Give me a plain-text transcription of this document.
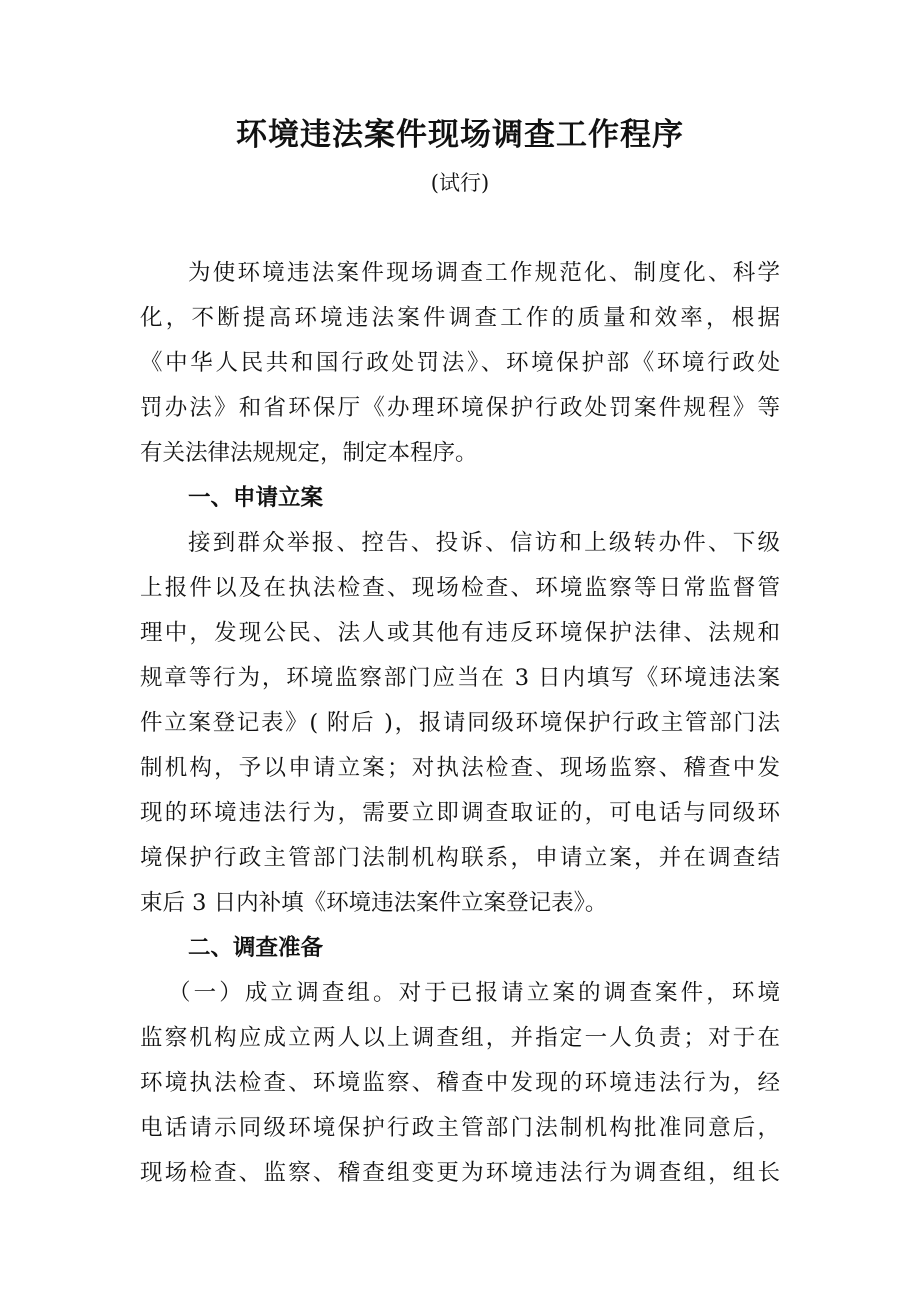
环境违法案件现场调查工作程序
(试行)
为使环境违法案件现场调查工作规范化、制度化、科学
化，不断提高环境违法案件调查工作的质量和效率，根据
《中华人民共和国行政处罚法》、环境保护部《环境行政处
罚办法》和省环保厅《办理环境保护行政处罚案件规程》等
有关法律法规规定，制定本程序。
一、申请立案
接到群众举报、控告、投诉、信访和上级转办件、下级
上报件以及在执法检查、现场检查、环境监察等日常监督管
理中，发现公民、法人或其他有违反环境保护法律、法规和
规章等行为，环境监察部门应当在 3 日内填写《环境违法案
件立案登记表》( 附后 )，报请同级环境保护行政主管部门法
制机构，予以申请立案；对执法检查、现场监察、稽查中发
现的环境违法行为，需要立即调查取证的，可电话与同级环
境保护行政主管部门法制机构联系，申请立案，并在调查结
束后 3 日内补填《环境违法案件立案登记表》。
二、调查准备
（一）成立调查组。对于已报请立案的调查案件，环境
监察机构应成立两人以上调查组，并指定一人负责；对于在
环境执法检查、环境监察、稽查中发现的环境违法行为，经
电话请示同级环境保护行政主管部门法制机构批准同意后，
现场检查、监察、稽查组变更为环境违法行为调查组，组长
